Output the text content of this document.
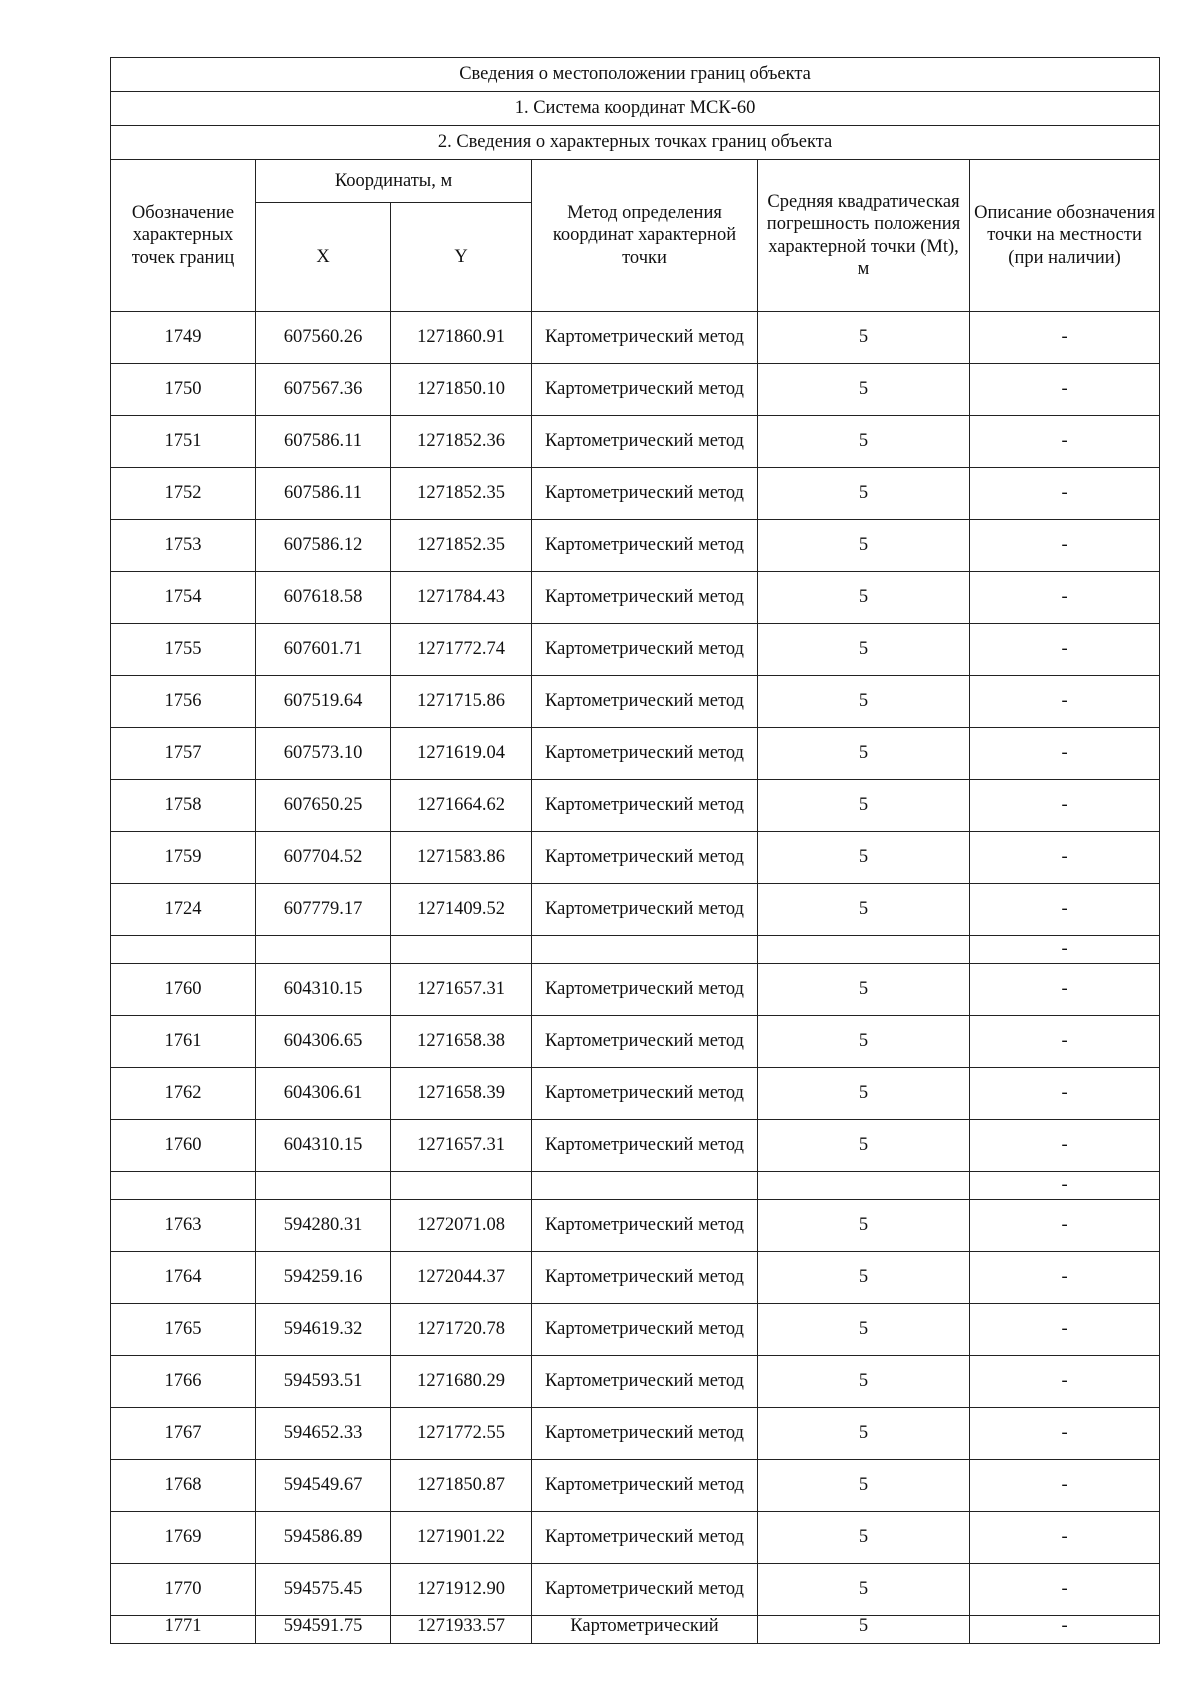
Сведения о местоположении границ объекта					
1. Система координат МСК-60					
2. Сведения о характерных точках границ объекта					
Обозначение характерных точек границ	Координаты, м		Метод определения координат характерной точки	Средняя квадратическая погрешность положения характерной точки (Mt), м	Описание обозначения точки на местности (при наличии)
	X	Y			
1749	607560.26	1271860.91	Картометрический метод	5	-
1750	607567.36	1271850.10	Картометрический метод	5	-
1751	607586.11	1271852.36	Картометрический метод	5	-
1752	607586.11	1271852.35	Картометрический метод	5	-
1753	607586.12	1271852.35	Картометрический метод	5	-
1754	607618.58	1271784.43	Картометрический метод	5	-
1755	607601.71	1271772.74	Картометрический метод	5	-
1756	607519.64	1271715.86	Картометрический метод	5	-
1757	607573.10	1271619.04	Картометрический метод	5	-
1758	607650.25	1271664.62	Картометрический метод	5	-
1759	607704.52	1271583.86	Картометрический метод	5	-
1724	607779.17	1271409.52	Картометрический метод	5	-
					-
1760	604310.15	1271657.31	Картометрический метод	5	-
1761	604306.65	1271658.38	Картометрический метод	5	-
1762	604306.61	1271658.39	Картометрический метод	5	-
1760	604310.15	1271657.31	Картометрический метод	5	-
					-
1763	594280.31	1272071.08	Картометрический метод	5	-
1764	594259.16	1272044.37	Картометрический метод	5	-
1765	594619.32	1271720.78	Картометрический метод	5	-
1766	594593.51	1271680.29	Картометрический метод	5	-
1767	594652.33	1271772.55	Картометрический метод	5	-
1768	594549.67	1271850.87	Картометрический метод	5	-
1769	594586.89	1271901.22	Картометрический метод	5	-
1770	594575.45	1271912.90	Картометрический метод	5	-
1771	594591.75	1271933.57	Картометрический	5	-
